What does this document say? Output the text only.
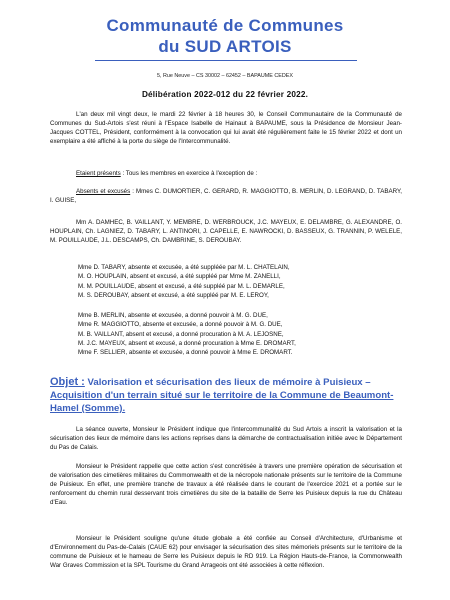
Communauté de Communes
du SUD ARTOIS
5, Rue Neuve – CS 30002 – 62452 – BAPAUME CEDEX
Délibération 2022-012 du 22 février 2022.

L'an deux mil vingt deux, le mardi 22 février à 18 heures 30, le Conseil Communautaire de la Communauté de Communes du Sud-Artois s'est réuni à l'Espace Isabelle de Hainaut à BAPAUME, sous la Présidence de Monsieur Jean-Jacques COTTEL, Président, conformément à la convocation qui lui avait été régulièrement faite le 15 février 2022 et dont un exemplaire a été affiché à la porte du siège de l'Intercommunalité.

Etaient présents : Tous les membres en exercice à l'exception de :

Absents et excusés : Mmes C. DUMORTIER, C. GERARD, R. MAGGIOTTO, B. MERLIN, D. LEGRAND, D. TABARY, I. GUISE,

Mm A. DAMHEC, B. VAILLANT, Y. MEMBRE, D. WERBROUCK, J.C. MAYEUX, E. DELAMBRE, G. ALEXANDRE, O. HOUPLAIN, Ch. LAGNIEZ, D. TABARY, L. ANTINORI, J. CAPELLE, E. NAWROCKI, D. BASSEUX, G. TRANNIN, P. WELELE, M. POUILLAUDE, J.L. DESCAMPS, Ch. DAMBRINE, S. DEROUBAY.

Mme D. TABARY, absente et excusée, a été suppléée par M. L. CHATELAIN,
M. O. HOUPLAIN, absent et excusé, a été suppléé par Mme M. ZANELLI,
M. M. POUILLAUDE, absent et excusé, a été suppléé par M. L. DEMARLE,
M. S. DEROUBAY, absent et excusé, a été suppléé par M. E. LEROY,
Mme B. MERLIN, absente et excusée, a donné pouvoir à M. G. DUE,
Mme R. MAGGIOTTO, absente et excusée, a donné pouvoir à M. G. DUE,
M. B. VAILLANT, absent et excusé, a donné procuration à M. A. LEJOSNE,
M. J.C. MAYEUX, absent et excusé, a donné procuration à Mme E. DROMART,
Mme F. SELLIER, absente et excusée, a donné pouvoir à Mme E. DROMART.
Objet : Valorisation et sécurisation des lieux de mémoire à Puisieux – Acquisition d'un terrain situé sur le territoire de la Commune de Beaumont-Hamel (Somme).

La séance ouverte, Monsieur le Président indique que l'intercommunalité du Sud Artois a inscrit la valorisation et la sécurisation des lieux de mémoire dans les actions reprises dans la démarche de contractualisation initiée avec le Département du Pas de Calais.

Monsieur le Président rappelle que cette action s'est concrétisée à travers une première opération de sécurisation et de valorisation des cimetières militaires du Commonwealth et de la nécropole nationale présents sur le territoire de la Commune de Puisieux. En effet, une première tranche de travaux a été réalisée dans le courant de l'exercice 2021 et a portée sur le renforcement du chemin rural desservant trois cimetières du site de la bataille de Serre les Puisieux depuis la rue du Château d'Eau.

Monsieur le Président souligne qu'une étude globale a été confiée au Conseil d'Architecture, d'Urbanisme et d'Environnement du Pas-de-Calais (CAUE 62) pour envisager la sécurisation des sites mémoriels présents sur le territoire de la commune de Puisieux et le hameau de Serre les Puisieux depuis le RD 919. La Région Hauts-de-France, la Commonwealth War Graves Commission et la SPL Tourisme du Grand Arrageois ont été associées à cette réflexion.
